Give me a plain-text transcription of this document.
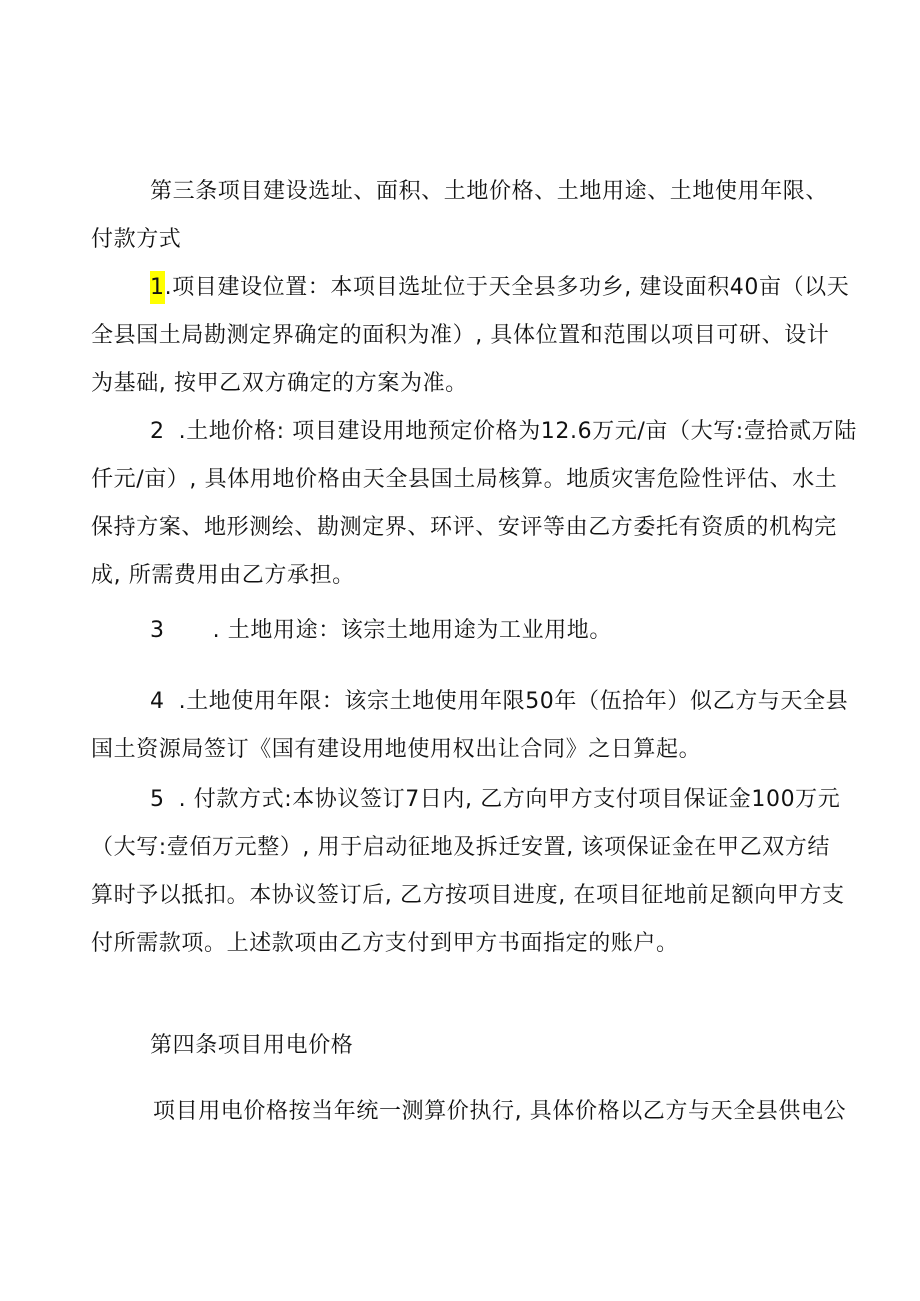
第三条项目建设选址、面积、土地价格、土地用途、土地使用年限、
付款方式
1.项目建设位置：本项目选址位于天全县多功乡, 建设面积40亩（以天
全县国土局勘测定界确定的面积为准）, 具体位置和范围以项目可研、设计
为基础, 按甲乙双方确定的方案为准。
2 .土地价格: 项目建设用地预定价格为12.6万元/亩（大写:壹拾贰万陆
仟元/亩）, 具体用地价格由天全县国土局核算。地质灾害危险性评估、水土
保持方案、地形测绘、勘测定界、环评、安评等由乙方委托有资质的机构完
成, 所需费用由乙方承担。
3 . 土地用途：该宗土地用途为工业用地。
4 .土地使用年限：该宗土地使用年限50年（伍拾年）似乙方与天全县
国土资源局签订《国有建设用地使用权出让合同》之日算起。
5 . 付款方式:本协议签订7日内, 乙方向甲方支付项目保证金100万元
（大写:壹佰万元整）, 用于启动征地及拆迁安置, 该项保证金在甲乙双方结
算时予以抵扣。本协议签订后, 乙方按项目进度, 在项目征地前足额向甲方支
付所需款项。上述款项由乙方支付到甲方书面指定的账户。
第四条项目用电价格
项目用电价格按当年统一测算价执行, 具体价格以乙方与天全县供电公
